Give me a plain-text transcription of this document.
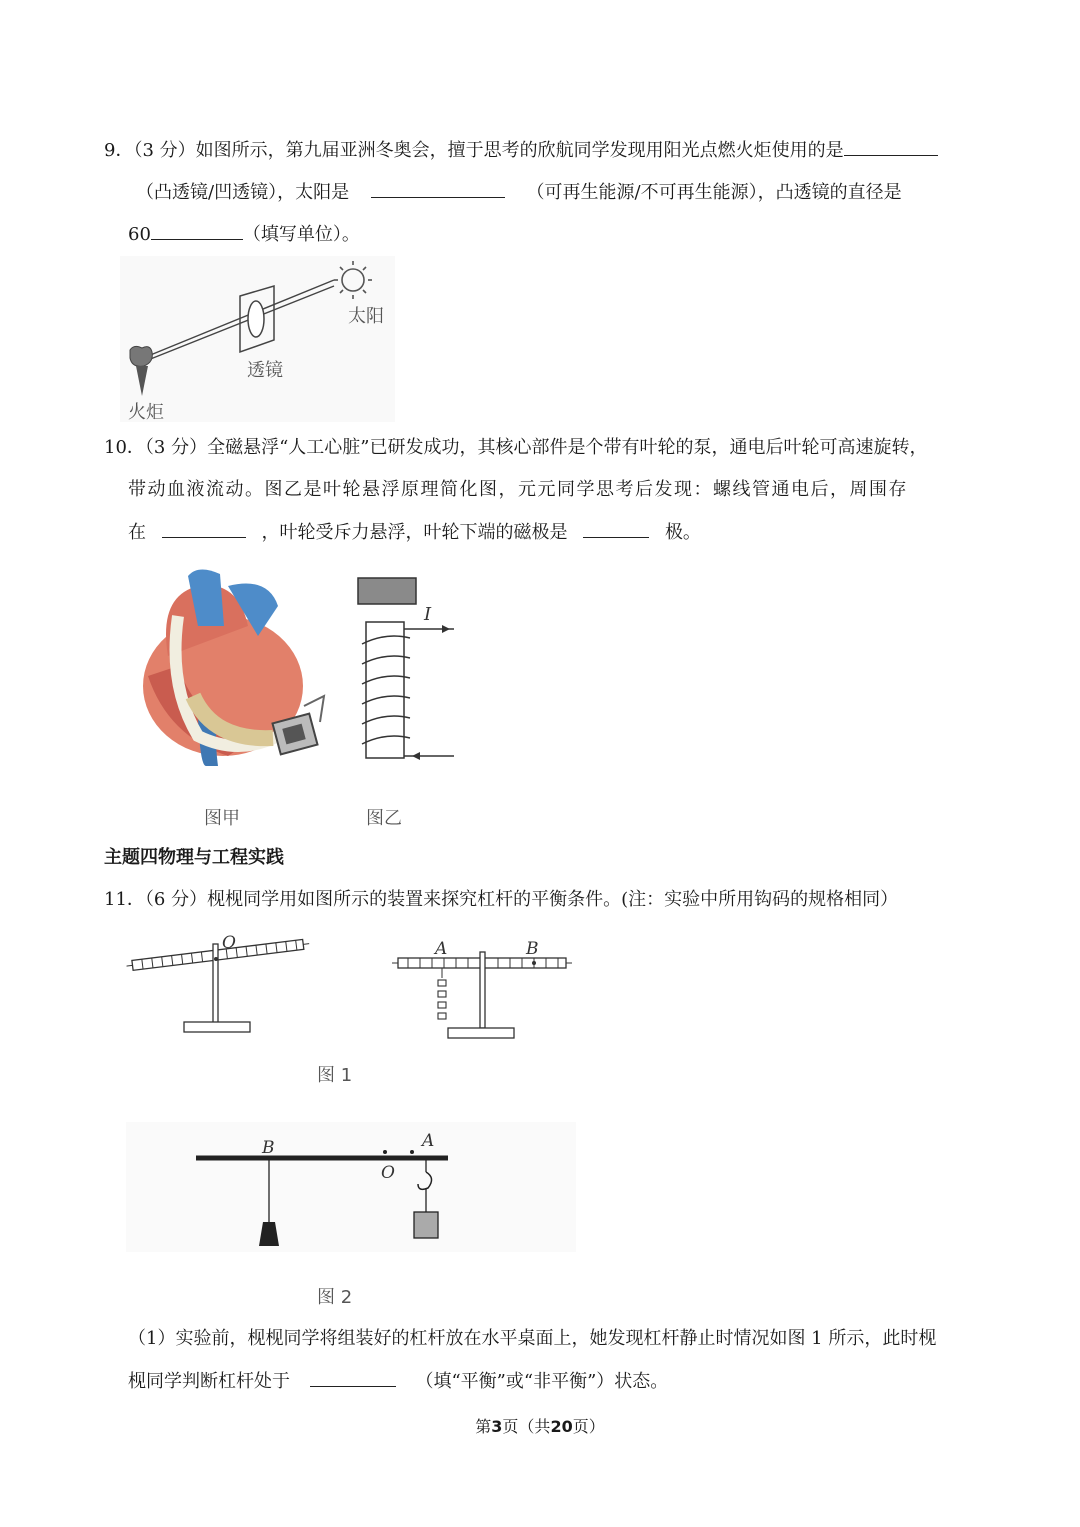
9．（3 分）如图所示，第九届亚洲冬奥会，擅于思考的欣航同学发现用阳光点燃火炬使用的是
（凸透镜/凹透镜），太阳是	（可再生能源/不可再生能源），凸透镜的直径是
60	（填写单位）。
太阳
透镜
火炬
10．（3 分）全磁悬浮“人工心脏”已研发成功，其核心部件是个带有叶轮的泵，通电后叶轮可高速旋转，
带动血液流动。图乙是叶轮悬浮原理简化图，元元同学思考后发现：螺线管通电后，周围存
在	，叶轮受斥力悬浮，叶轮下端的磁极是	极。
I
图甲	图乙
主题四物理与工程实践
11．（6 分）枧枧同学用如图所示的装置来探究杠杆的平衡条件。(注：实验中所用钩码的规格相同）
O	A	B
图 1
B
O
A
图 2
（1）实验前，枧枧同学将组装好的杠杆放在水平桌面上，她发现杠杆静止时情况如图 1 所示，此时枧
枧同学判断杠杆处于	（填“平衡”或“非平衡”）状态。
第3页（共20页）
